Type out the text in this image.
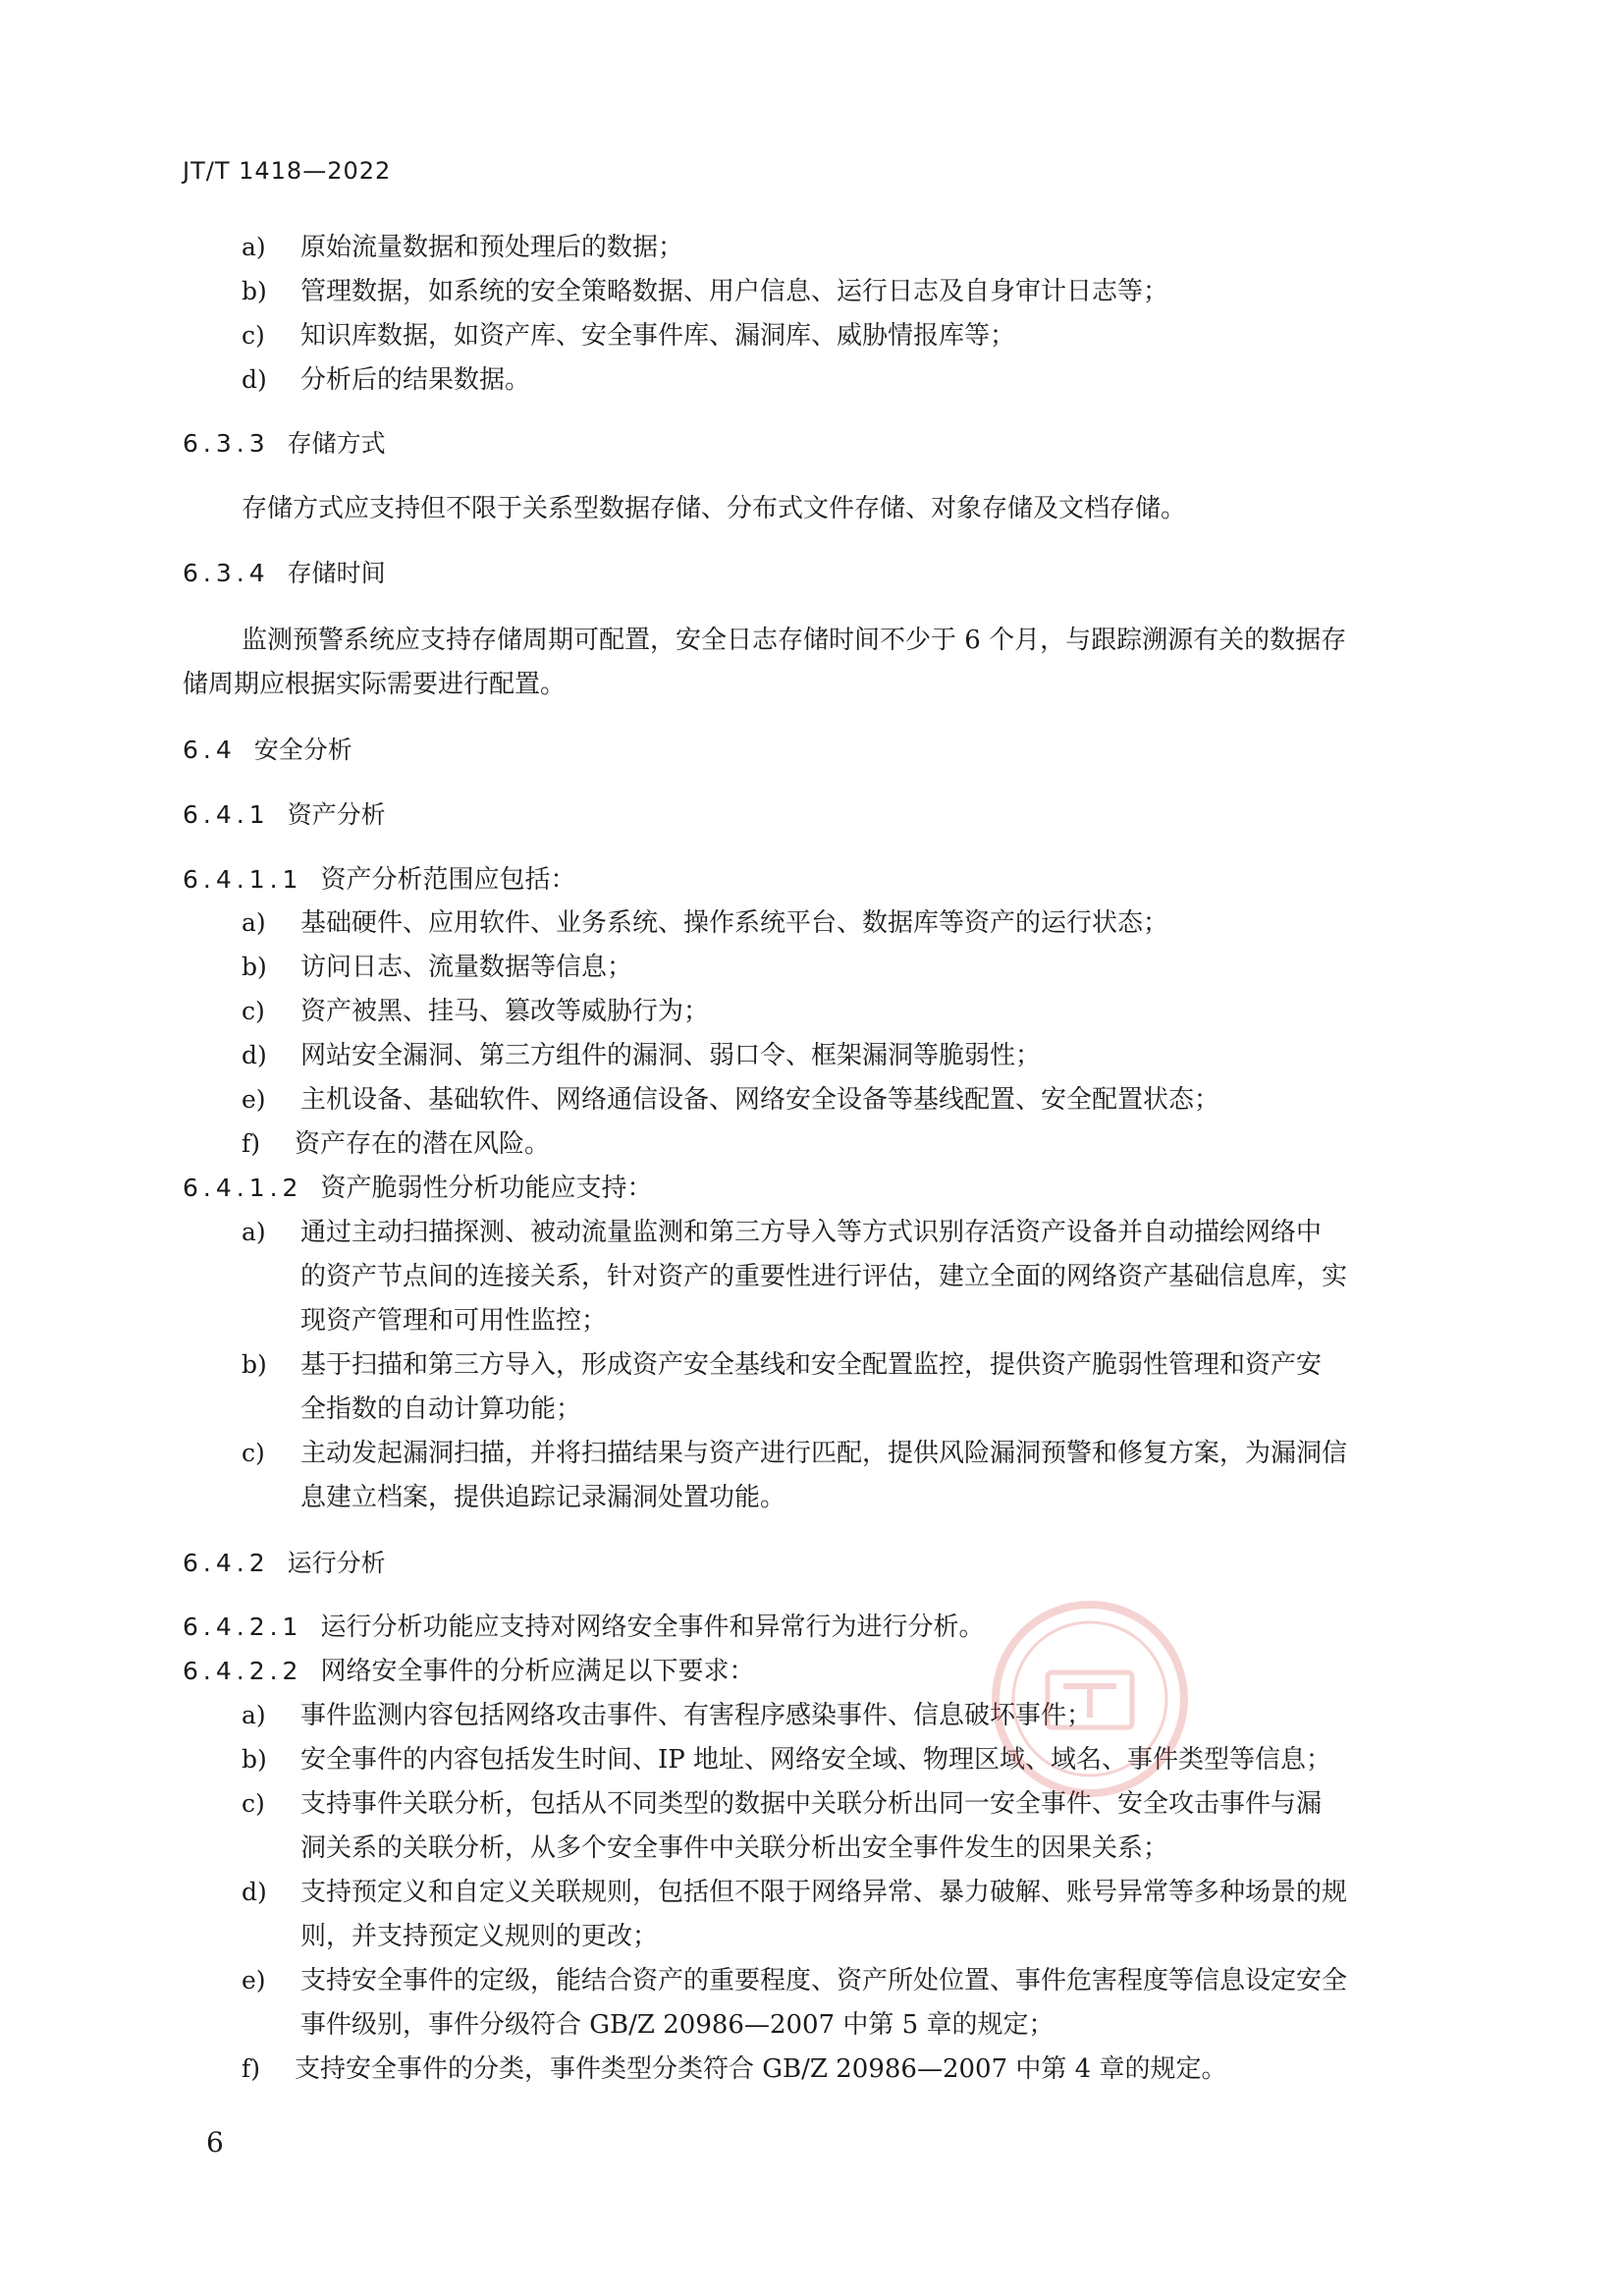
JT/T 1418—2022
a) 原始流量数据和预处理后的数据；
b) 管理数据，如系统的安全策略数据、用户信息、运行日志及自身审计日志等；
c) 知识库数据，如资产库、安全事件库、漏洞库、威胁情报库等；
d) 分析后的结果数据。
6.3.3 存储方式
存储方式应支持但不限于关系型数据存储、分布式文件存储、对象存储及文档存储。
6.3.4 存储时间
监测预警系统应支持存储周期可配置，安全日志存储时间不少于 6 个月，与跟踪溯源有关的数据存
储周期应根据实际需要进行配置。
6.4 安全分析
6.4.1 资产分析
6.4.1.1 资产分析范围应包括：
a) 基础硬件、应用软件、业务系统、操作系统平台、数据库等资产的运行状态；
b) 访问日志、流量数据等信息；
c) 资产被黑、挂马、篡改等威胁行为；
d) 网站安全漏洞、第三方组件的漏洞、弱口令、框架漏洞等脆弱性；
e) 主机设备、基础软件、网络通信设备、网络安全设备等基线配置、安全配置状态；
f) 资产存在的潜在风险。
6.4.1.2 资产脆弱性分析功能应支持：
a) 通过主动扫描探测、被动流量监测和第三方导入等方式识别存活资产设备并自动描绘网络中
的资产节点间的连接关系，针对资产的重要性进行评估，建立全面的网络资产基础信息库，实
现资产管理和可用性监控；
b) 基于扫描和第三方导入，形成资产安全基线和安全配置监控，提供资产脆弱性管理和资产安
全指数的自动计算功能；
c) 主动发起漏洞扫描，并将扫描结果与资产进行匹配，提供风险漏洞预警和修复方案，为漏洞信
息建立档案，提供追踪记录漏洞处置功能。
6.4.2 运行分析
6.4.2.1 运行分析功能应支持对网络安全事件和异常行为进行分析。
6.4.2.2 网络安全事件的分析应满足以下要求：
a) 事件监测内容包括网络攻击事件、有害程序感染事件、信息破坏事件；
b) 安全事件的内容包括发生时间、IP 地址、网络安全域、物理区域、域名、事件类型等信息；
c) 支持事件关联分析，包括从不同类型的数据中关联分析出同一安全事件、安全攻击事件与漏
洞关系的关联分析，从多个安全事件中关联分析出安全事件发生的因果关系；
d) 支持预定义和自定义关联规则，包括但不限于网络异常、暴力破解、账号异常等多种场景的规
则，并支持预定义规则的更改；
e) 支持安全事件的定级，能结合资产的重要程度、资产所处位置、事件危害程度等信息设定安全
事件级别，事件分级符合 GB/Z 20986—2007 中第 5 章的规定；
f) 支持安全事件的分类，事件类型分类符合 GB/Z 20986—2007 中第 4 章的规定。
6
